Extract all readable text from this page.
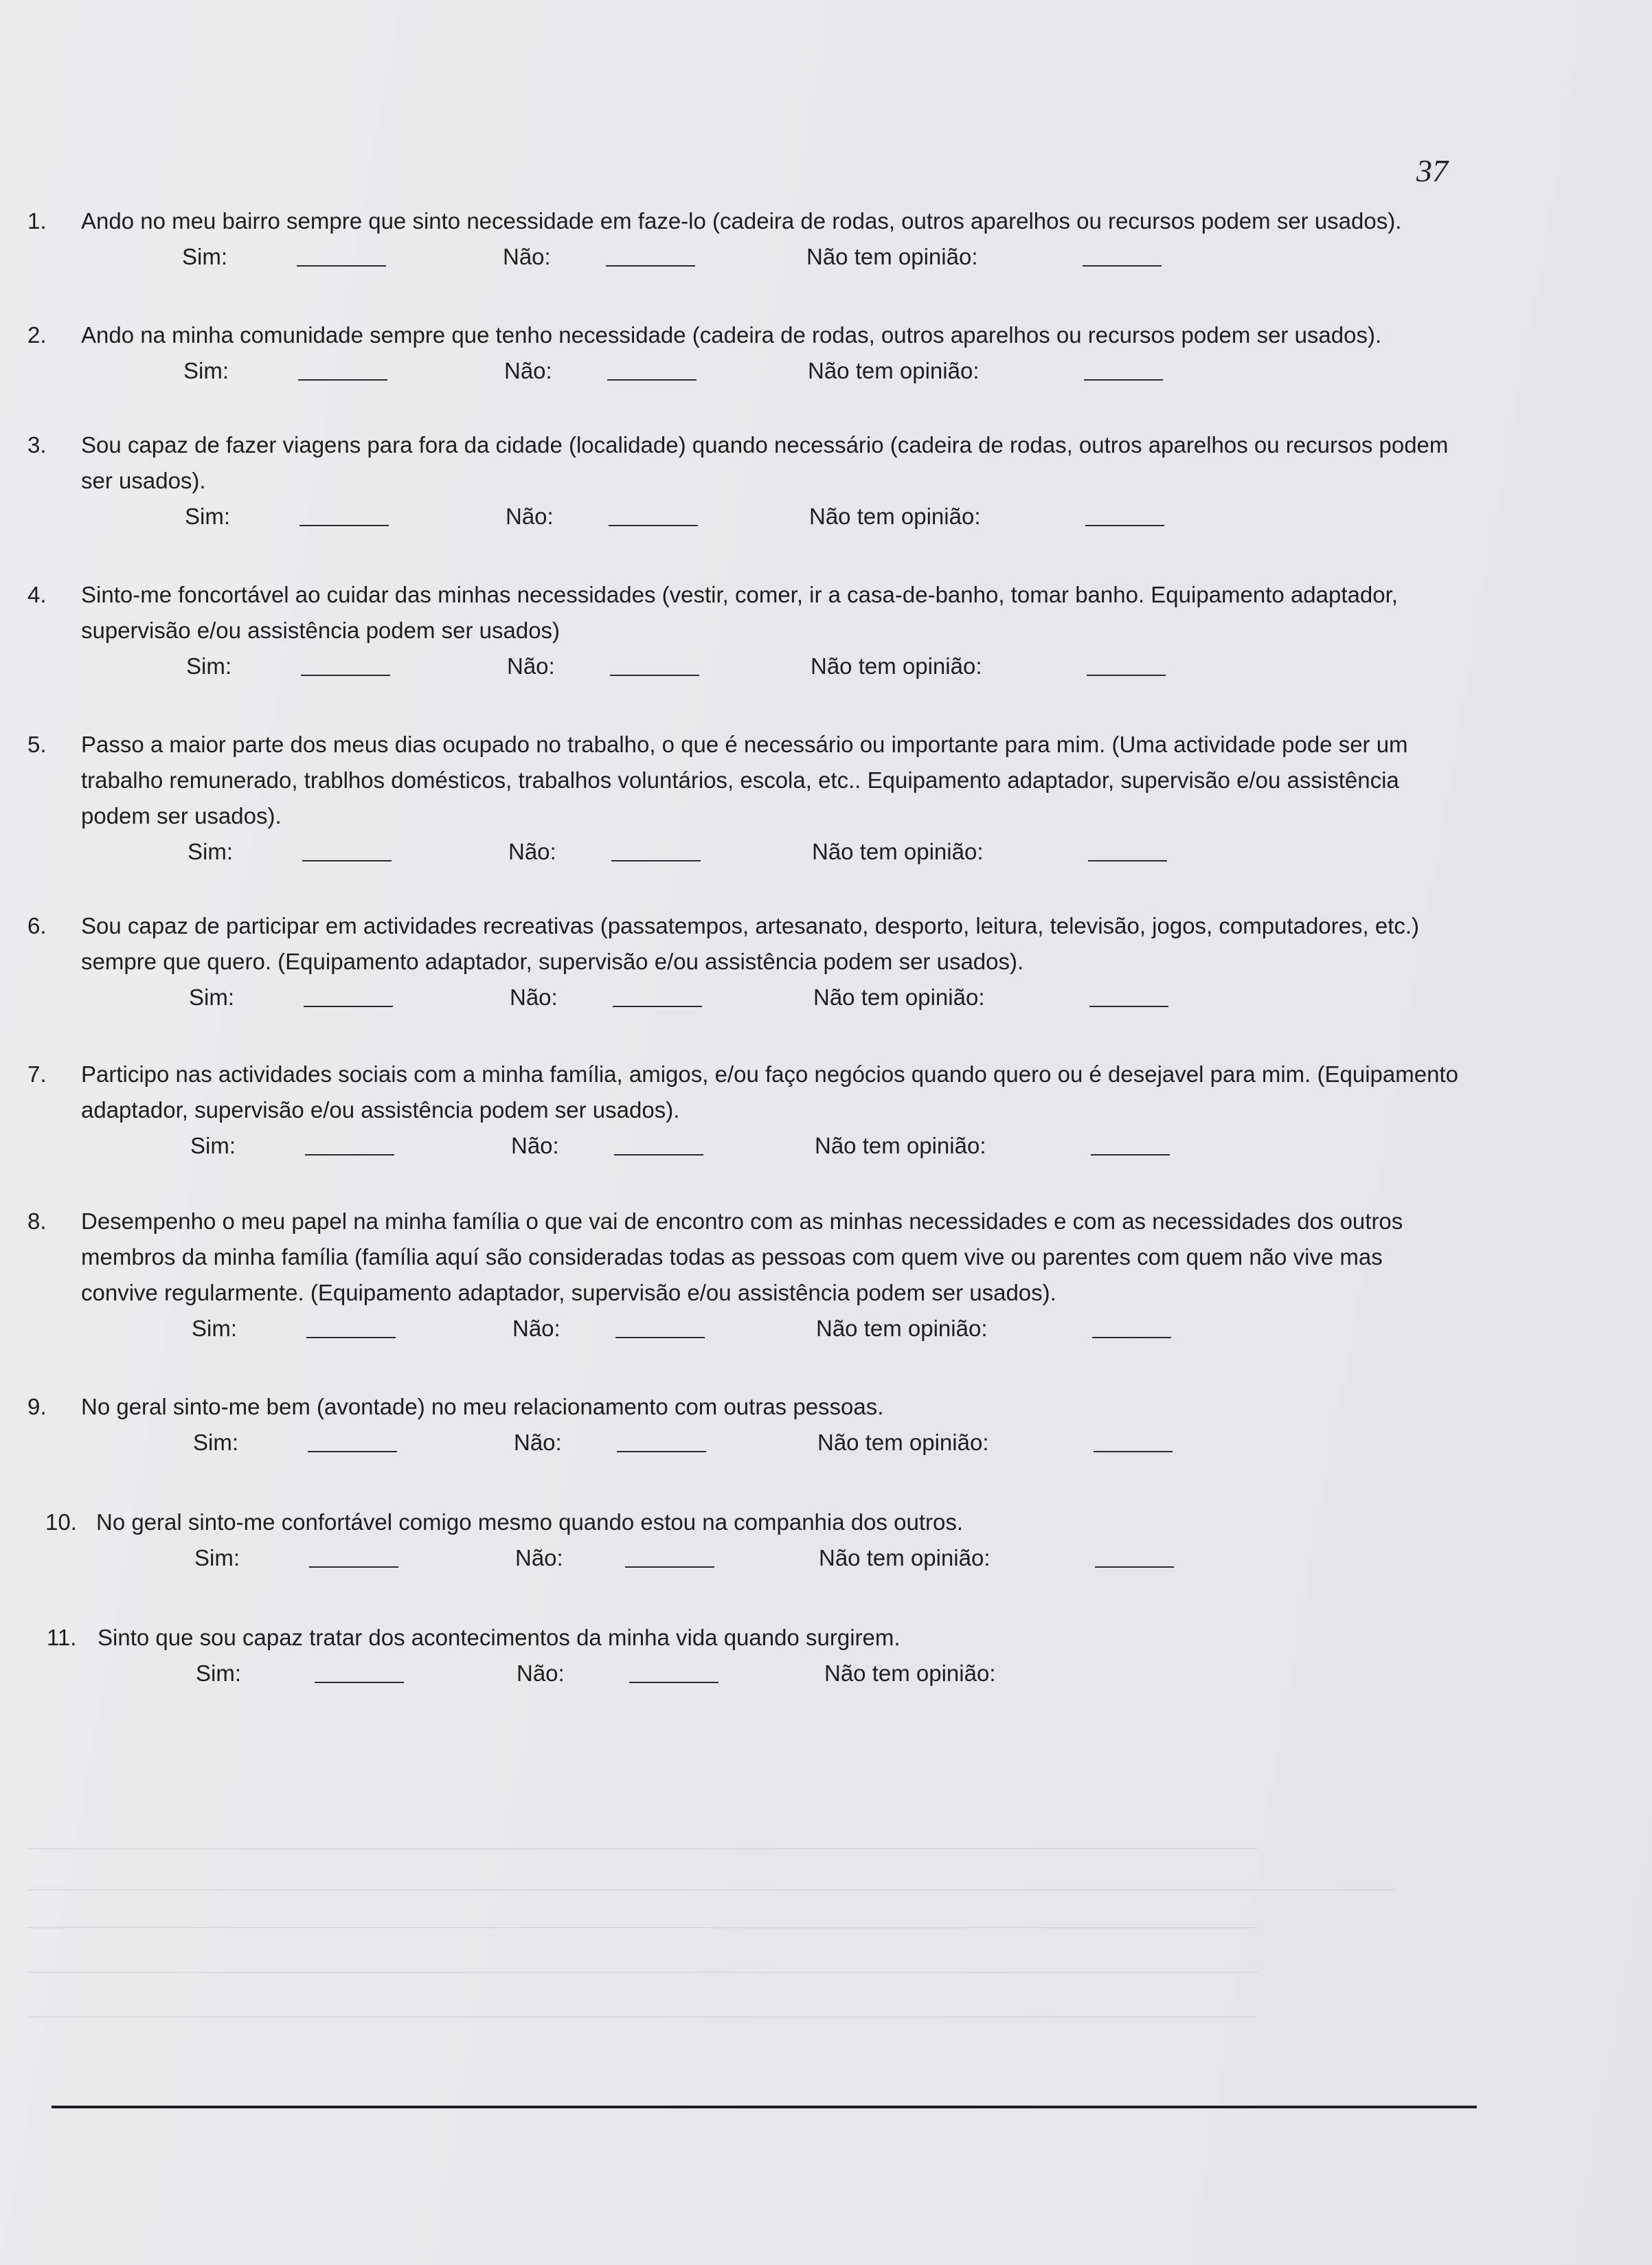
37
1.	Ando no meu bairro sempre que sinto necessidade em faze-lo (cadeira de rodas, outros aparelhos ou recursos podem ser usados).
Sim:	Não:	Não tem opinião:
2.	Ando na minha comunidade sempre que tenho necessidade (cadeira de rodas, outros aparelhos ou recursos podem ser usados).
Sim:	Não:	Não tem opinião:
3.	Sou capaz de fazer viagens para fora da cidade (localidade) quando necessário (cadeira de rodas, outros aparelhos ou recursos podem ser usados).
Sim:	Não:	Não tem opinião:
4.	Sinto-me foncortável ao cuidar das minhas necessidades (vestir, comer, ir a casa-de-banho, tomar banho. Equipamento adaptador, supervisão e/ou assistência podem ser usados)
Sim:	Não:	Não tem opinião:
5.	Passo a maior parte dos meus dias ocupado no trabalho, o que é necessário ou importante para mim. (Uma actividade pode ser um trabalho remunerado, trablhos domésticos, trabalhos voluntários, escola, etc.. Equipamento adaptador, supervisão e/ou assistência podem ser usados).
Sim:	Não:	Não tem opinião:
6.	Sou capaz de participar em actividades recreativas (passatempos, artesanato, desporto, leitura, televisão, jogos, computadores, etc.) sempre que quero. (Equipamento adaptador, supervisão e/ou assistência podem ser usados).
Sim:	Não:	Não tem opinião:
7.	Participo nas actividades sociais com a minha família, amigos, e/ou faço negócios quando quero ou é desejavel para mim. (Equipamento adaptador, supervisão e/ou assistência podem ser usados).
Sim:	Não:	Não tem opinião:
8.	Desempenho o meu papel na minha família o que vai de encontro com as minhas necessidades e com as necessidades dos outros membros da minha família (família aquí são consideradas todas as pessoas com quem vive ou parentes com quem não vive mas convive regularmente. (Equipamento adaptador, supervisão e/ou assistência podem ser usados).
Sim:	Não:	Não tem opinião:
9.	No geral sinto-me bem (avontade) no meu relacionamento com outras pessoas.
Sim:	Não:	Não tem opinião:
10. No geral sinto-me confortável comigo mesmo quando estou na companhia dos outros.
Sim:	Não:	Não tem opinião:
11. Sinto que sou capaz tratar dos acontecimentos da minha vida quando surgirem.
Sim:	Não:	Não tem opinião:
